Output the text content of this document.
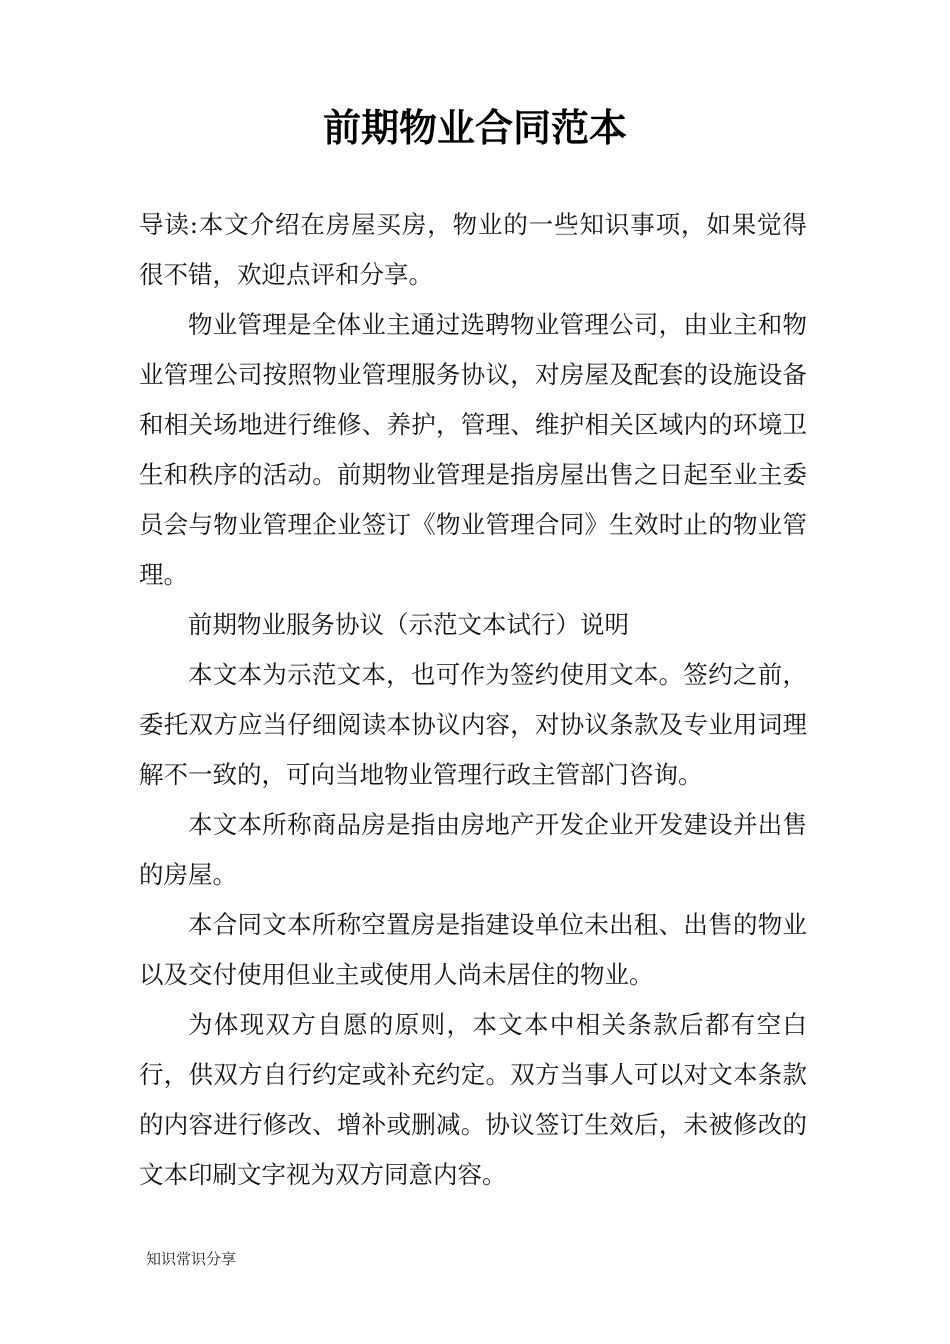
前期物业合同范本

导读:本文介绍在房屋买房，物业的一些知识事项，如果觉得很不错，欢迎点评和分享。

物业管理是全体业主通过选聘物业管理公司，由业主和物业管理公司按照物业管理服务协议，对房屋及配套的设施设备和相关场地进行维修、养护，管理、维护相关区域内的环境卫生和秩序的活动。前期物业管理是指房屋出售之日起至业主委员会与物业管理企业签订《物业管理合同》生效时止的物业管理。

前期物业服务协议（示范文本试行）说明

本文本为示范文本，也可作为签约使用文本。签约之前，委托双方应当仔细阅读本协议内容，对协议条款及专业用词理解不一致的，可向当地物业管理行政主管部门咨询。

本文本所称商品房是指由房地产开发企业开发建设并出售的房屋。

本合同文本所称空置房是指建设单位未出租、出售的物业以及交付使用但业主或使用人尚未居住的物业。

为体现双方自愿的原则，本文本中相关条款后都有空白行，供双方自行约定或补充约定。双方当事人可以对文本条款的内容进行修改、增补或删减。协议签订生效后，未被修改的文本印刷文字视为双方同意内容。

知识常识分享
